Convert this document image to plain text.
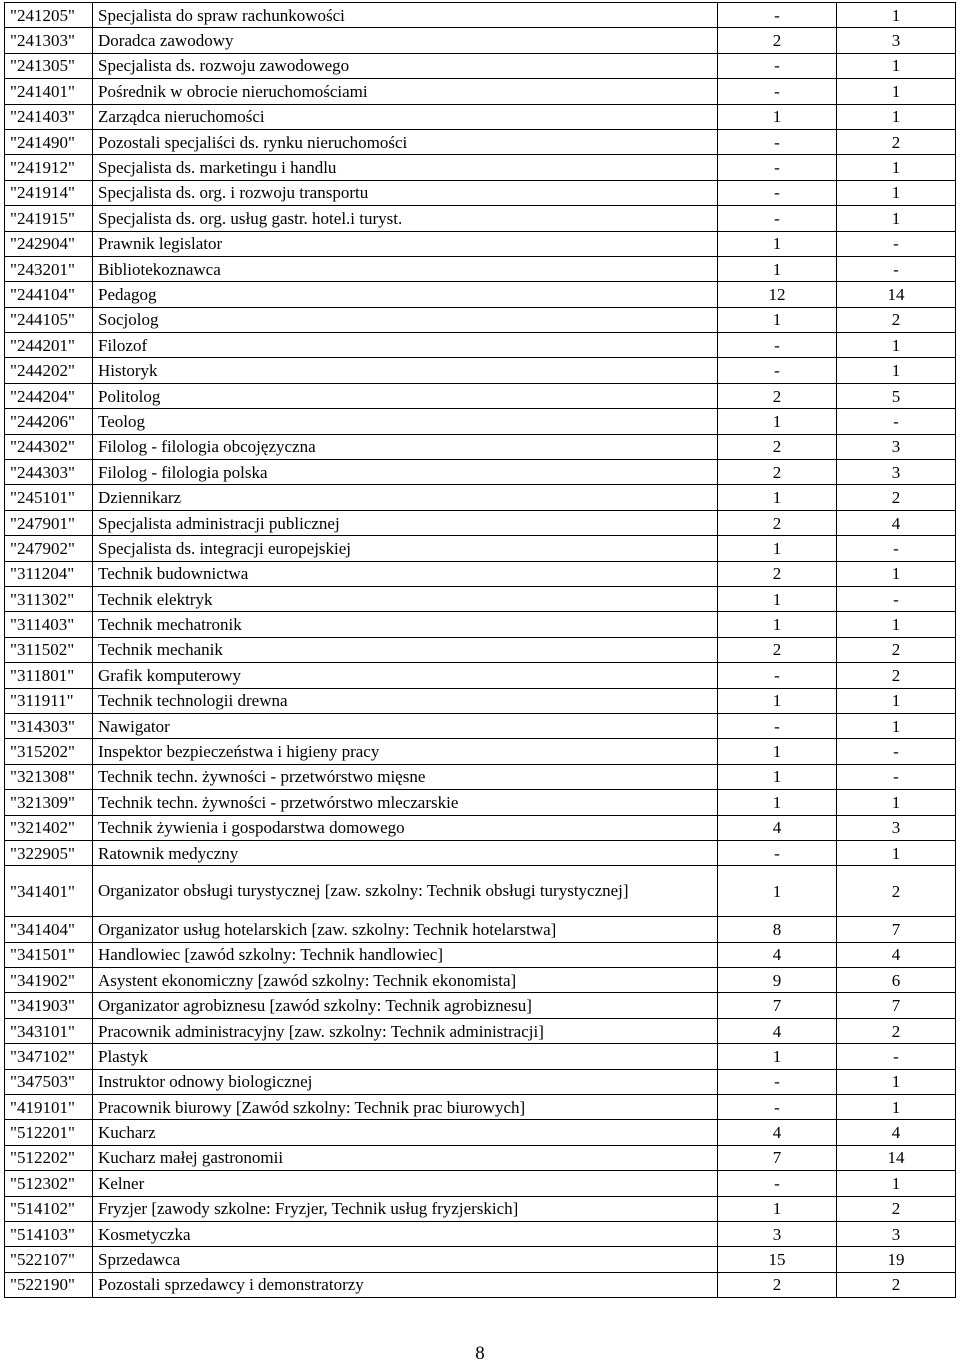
"241205"	Specjalista do spraw rachunkowości	-	1
"241303"	Doradca zawodowy	2	3
"241305"	Specjalista ds. rozwoju zawodowego	-	1
"241401"	Pośrednik w obrocie nieruchomościami	-	1
"241403"	Zarządca nieruchomości	1	1
"241490"	Pozostali specjaliści ds. rynku nieruchomości	-	2
"241912"	Specjalista ds. marketingu i handlu	-	1
"241914"	Specjalista ds. org. i rozwoju transportu	-	1
"241915"	Specjalista ds. org. usług gastr. hotel.i turyst.	-	1
"242904"	Prawnik legislator	1	-
"243201"	Bibliotekoznawca	1	-
"244104"	Pedagog	12	14
"244105"	Socjolog	1	2
"244201"	Filozof	-	1
"244202"	Historyk	-	1
"244204"	Politolog	2	5
"244206"	Teolog	1	-
"244302"	Filolog - filologia obcojęzyczna	2	3
"244303"	Filolog - filologia polska	2	3
"245101"	Dziennikarz	1	2
"247901"	Specjalista administracji publicznej	2	4
"247902"	Specjalista ds. integracji europejskiej	1	-
"311204"	Technik budownictwa	2	1
"311302"	Technik elektryk	1	-
"311403"	Technik mechatronik	1	1
"311502"	Technik mechanik	2	2
"311801"	Grafik komputerowy	-	2
"311911"	Technik technologii drewna	1	1
"314303"	Nawigator	-	1
"315202"	Inspektor bezpieczeństwa i higieny pracy	1	-
"321308"	Technik techn. żywności - przetwórstwo mięsne	1	-
"321309"	Technik techn. żywności - przetwórstwo mleczarskie	1	1
"321402"	Technik żywienia i gospodarstwa domowego	4	3
"322905"	Ratownik medyczny	-	1
"341401"	Organizator obsługi turystycznej [zaw. szkolny: Technik obsługi turystycznej]	1	2
"341404"	Organizator usług hotelarskich [zaw. szkolny: Technik hotelarstwa]	8	7
"341501"	Handlowiec [zawód szkolny: Technik handlowiec]	4	4
"341902"	Asystent ekonomiczny [zawód szkolny: Technik ekonomista]	9	6
"341903"	Organizator agrobiznesu [zawód szkolny: Technik agrobiznesu]	7	7
"343101"	Pracownik administracyjny [zaw. szkolny: Technik administracji]	4	2
"347102"	Plastyk	1	-
"347503"	Instruktor odnowy biologicznej	-	1
"419101"	Pracownik biurowy [Zawód szkolny: Technik prac biurowych]	-	1
"512201"	Kucharz	4	4
"512202"	Kucharz małej gastronomii	7	14
"512302"	Kelner	-	1
"514102"	Fryzjer [zawody szkolne: Fryzjer, Technik usług fryzjerskich]	1	2
"514103"	Kosmetyczka	3	3
"522107"	Sprzedawca	15	19
"522190"	Pozostali sprzedawcy i demonstratorzy	2	2
8
